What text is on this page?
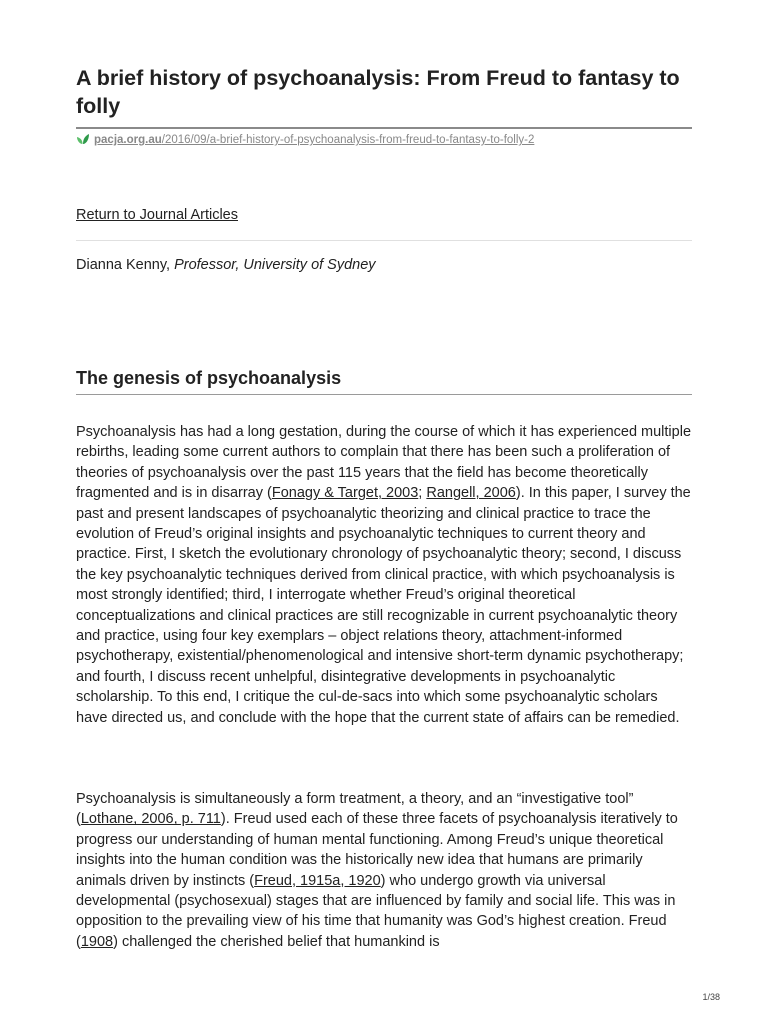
A brief history of psychoanalysis: From Freud to fantasy to folly
pacja.org.au/2016/09/a-brief-history-of-psychoanalysis-from-freud-to-fantasy-to-folly-2
Return to Journal Articles
Dianna Kenny, Professor, University of Sydney
The genesis of psychoanalysis

Psychoanalysis has had a long gestation, during the course of which it has experienced multiple rebirths, leading some current authors to complain that there has been such a proliferation of theories of psychoanalysis over the past 115 years that the field has become theoretically fragmented and is in disarray (Fonagy & Target, 2003; Rangell, 2006). In this paper, I survey the past and present landscapes of psychoanalytic theorizing and clinical practice to trace the evolution of Freud’s original insights and psychoanalytic techniques to current theory and practice. First, I sketch the evolutionary chronology of psychoanalytic theory; second, I discuss the key psychoanalytic techniques derived from clinical practice, with which psychoanalysis is most strongly identified; third, I interrogate whether Freud’s original theoretical conceptualizations and clinical practices are still recognizable in current psychoanalytic theory and practice, using four key exemplars – object relations theory, attachment-informed psychotherapy, existential/phenomenological and intensive short-term dynamic psychotherapy; and fourth, I discuss recent unhelpful, disintegrative developments in psychoanalytic scholarship. To this end, I critique the cul-de-sacs into which some psychoanalytic scholars have directed us, and conclude with the hope that the current state of affairs can be remedied.

Psychoanalysis is simultaneously a form treatment, a theory, and an “investigative tool” (Lothane, 2006, p. 711). Freud used each of these three facets of psychoanalysis iteratively to progress our understanding of human mental functioning. Among Freud’s unique theoretical insights into the human condition was the historically new idea that humans are primarily animals driven by instincts (Freud, 1915a, 1920) who undergo growth via universal developmental (psychosexual) stages that are influenced by family and social life. This was in opposition to the prevailing view of his time that humanity was God’s highest creation. Freud (1908) challenged the cherished belief that humankind is

1/38
